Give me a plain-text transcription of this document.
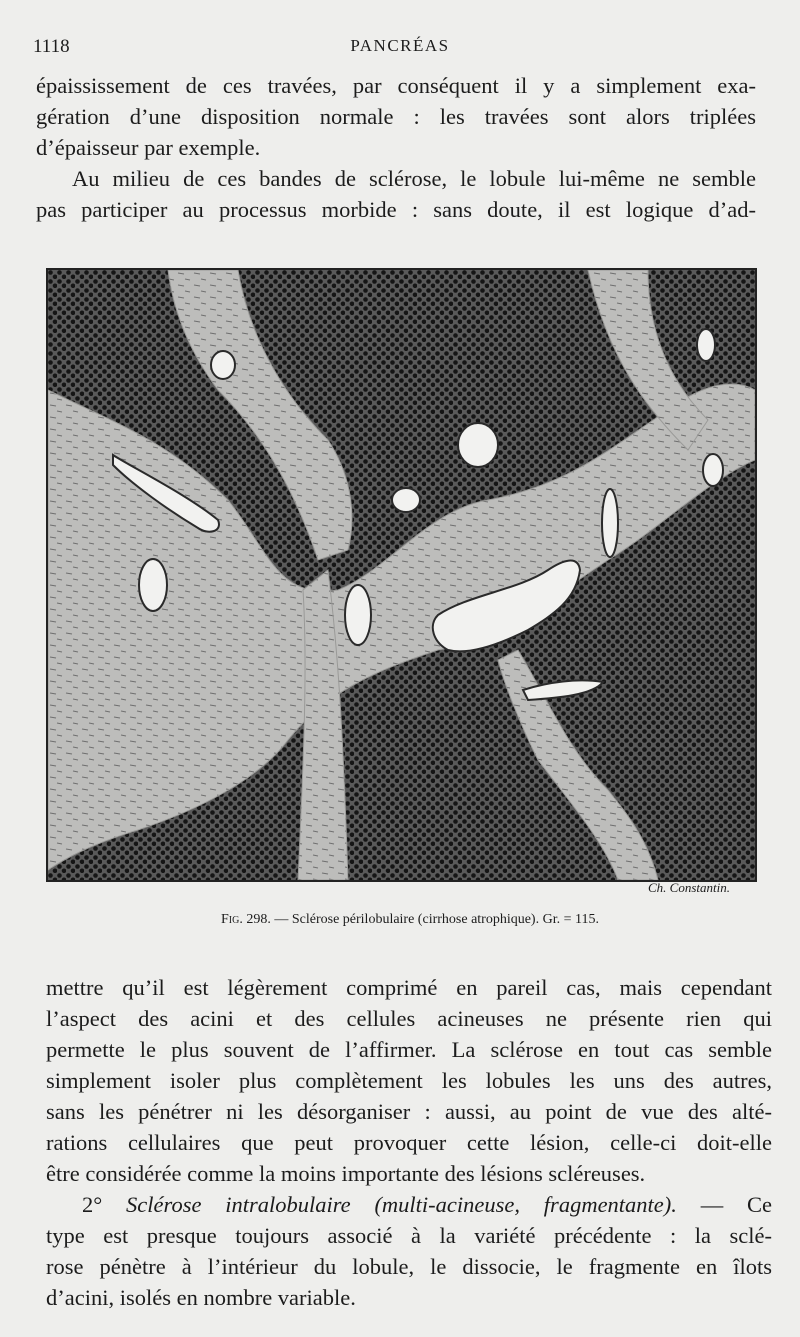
1118	PANCRÉAS
épaississement de ces travées, par conséquent il y a simplement exa-
gération d’une disposition normale : les travées sont alors triplées
d’épaisseur par exemple.
Au milieu de ces bandes de sclérose, le lobule lui-même ne semble
pas participer au processus morbide : sans doute, il est logique d’ad-
Ch. Constantin.
Fig. 298. — Sclérose périlobulaire (cirrhose atrophique). Gr. = 115.
mettre qu’il est légèrement comprimé en pareil cas, mais cependant
l’aspect des acini et des cellules acineuses ne présente rien qui
permette le plus souvent de l’affirmer. La sclérose en tout cas semble
simplement isoler plus complètement les lobules les uns des autres,
sans les pénétrer ni les désorganiser : aussi, au point de vue des alté-
rations cellulaires que peut provoquer cette lésion, celle-ci doit-elle
être considérée comme la moins importante des lésions scléreuses.
2° Sclérose intralobulaire (multi-acineuse, fragmentante). — Ce
type est presque toujours associé à la variété précédente : la sclé-
rose pénètre à l’intérieur du lobule, le dissocie, le fragmente en îlots
d’acini, isolés en nombre variable.
